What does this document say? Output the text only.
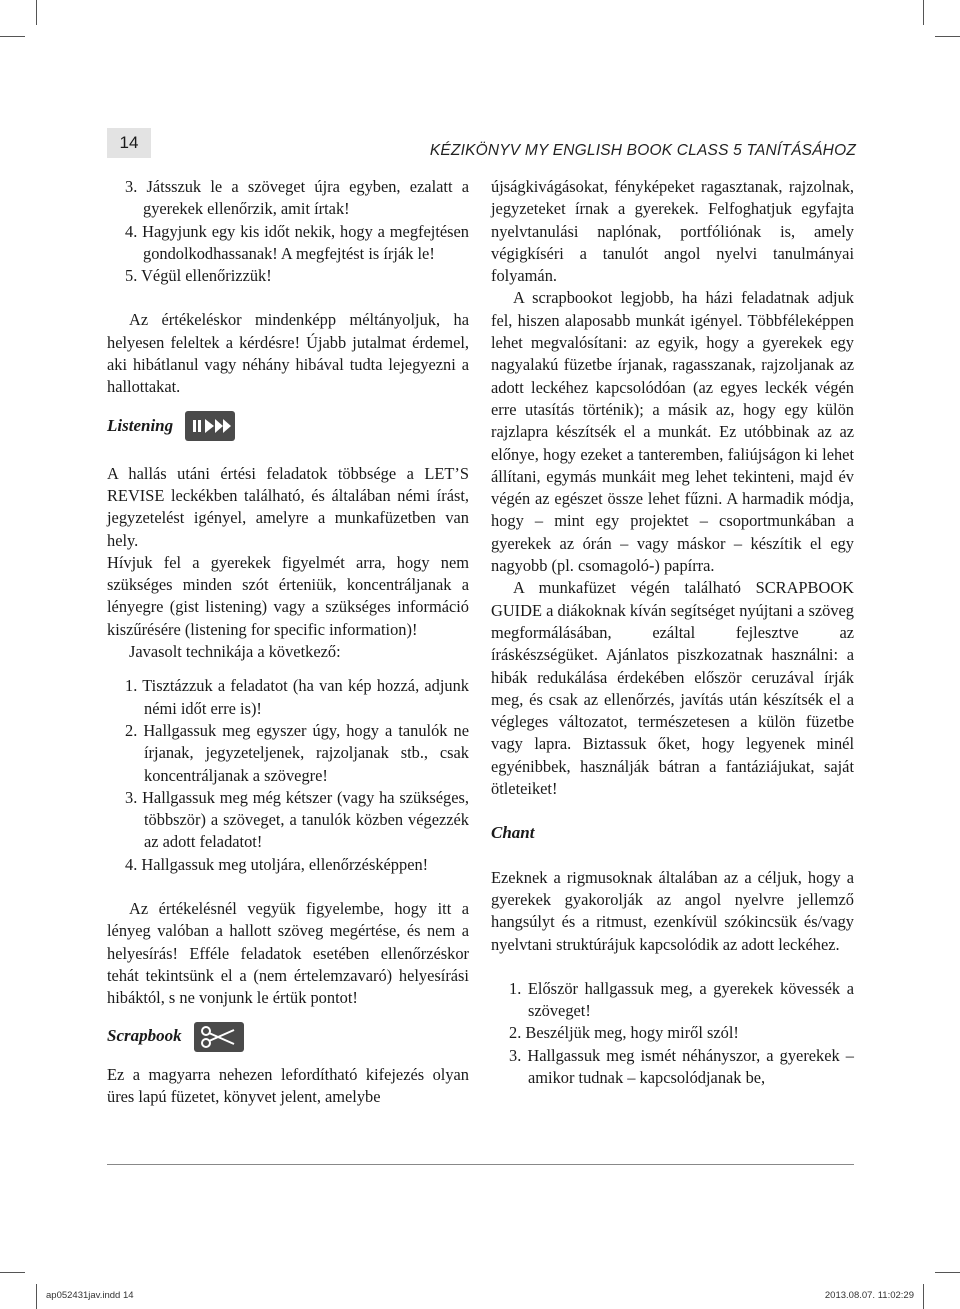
14	KÉZIKÖNYV MY ENGLISH BOOK CLASS 5 TANÍTÁSÁHOZ

3. Játsszuk le a szöveget újra egyben, ezalatt a gyerekek ellenőrzik, amit írtak!

4. Hagyjunk egy kis időt nekik, hogy a megfejtésen gondolkodhassanak! A megfejtést is írják le!

5. Végül ellenőrizzük!

Az értékeléskor mindenképp méltányoljuk, ha helyesen feleltek a kérdésre! Újabb jutalmat érdemel, aki hibátlanul vagy néhány hibával tudta lejegyezni a hallottakat.

Listening

A hallás utáni értési feladatok többsége a LET’S REVISE leckékben található, és általában némi írást, jegyzetelést igényel, amelyre a munkafüzetben van hely.

Hívjuk fel a gyerekek figyelmét arra, hogy nem szükséges minden szót érteniük, koncentráljanak a lényegre (gist listening) vagy a szükséges információ kiszűrésére (listening for specific information)!

Javasolt technikája a következő:

1. Tisztázzuk a feladatot (ha van kép hozzá, adjunk némi időt erre is)!
2. Hallgassuk meg egyszer úgy, hogy a tanulók ne írjanak, jegyzeteljenek, rajzoljanak stb., csak koncentráljanak a szövegre!
3. Hallgassuk meg még kétszer (vagy ha szükséges, többször) a szöveget, a tanulók közben végezzék az adott feladatot!
4. Hallgassuk meg utoljára, ellenőrzésképpen!

Az értékelésnél vegyük figyelembe, hogy itt a lényeg valóban a hallott szöveg megértése, és nem a helyesírás! Efféle feladatok esetében ellenőrzéskor tehát tekintsünk el a (nem értelemzavaró) helyesírási hibáktól, s ne vonjunk le értük pontot!

Scrapbook

Ez a magyarra nehezen lefordítható kifejezés olyan üres lapú füzetet, könyvet jelent, amelybe

újságkivágásokat, fényképeket ragasztanak, rajzolnak, jegyzeteket írnak a gyerekek. Felfoghatjuk egyfajta nyelvtanulási naplónak, portfóliónak is, amely végigkíséri a tanulót angol nyelvi tanulmányai folyamán.

A scrapbookot legjobb, ha házi feladatnak adjuk fel, hiszen alaposabb munkát igényel. Többféleképpen lehet megvalósítani: az egyik, hogy a gyerekek egy nagyalakú füzetbe írjanak, ragasszanak, rajzoljanak az adott leckéhez kapcsolódóan (az egyes leckék végén erre utasítás történik); a másik az, hogy egy külön rajzlapra készítsék el a munkát. Ez utóbbinak az az előnye, hogy ezeket a tanteremben, faliújságon ki lehet állítani, egymás munkáit meg lehet tekinteni, majd év végén az egészet össze lehet fűzni. A harmadik módja, hogy – mint egy projektet – csoportmunkában a gyerekek az órán – vagy máskor – készítik el egy nagyobb (pl. csomagoló-) papírra.

A munkafüzet végén található SCRAPBOOK GUIDE a diákoknak kíván segítséget nyújtani a szöveg megformálásában, ezáltal fejlesztve az íráskészségüket. Ajánlatos piszkozatnak használni: a hibák redukálása érdekében először ceruzával írják meg, és csak az ellenőrzés, javítás után készítsék el a végleges változatot, természetesen a külön füzetbe vagy lapra. Biztassuk őket, hogy legyenek minél egyénibbek, használják bátran a fantáziájukat, saját ötleteiket!

Chant

Ezeknek a rigmusoknak általában az a céljuk, hogy a gyerekek gyakorolják az angol nyelvre jellemző hangsúlyt és a ritmust, ezenkívül szókincsük és/vagy nyelvtani struktúrájuk kapcsolódik az adott leckéhez.

1. Először hallgassuk meg, a gyerekek kövessék a szöveget!
2. Beszéljük meg, hogy miről szól!
3. Hallgassuk meg ismét néhányszor, a gyerekek – amikor tudnak – kapcsolódjanak be,
ap052431jav.indd 14	2013.08.07. 11:02:29
